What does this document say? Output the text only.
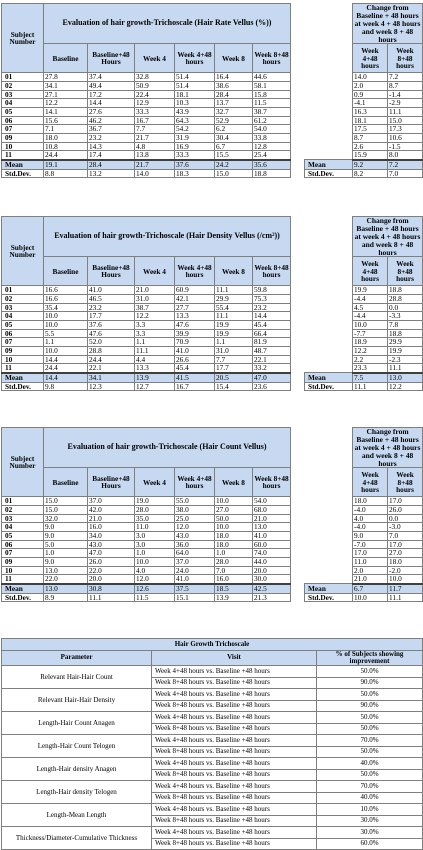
Subject Number	Evaluation of hair growth-Trichoscale (Hair Rate Vellus (%))								Change from Baseline + 48 hours at week 4 + 48 hours and week 8 + 48 hours	
	Baseline	Baseline+48 Hours	Week 4	Week 4+48 hours	Week 8	Week 8+48 hours			Week 4+48 hours	Week 8+48 hours
01	27.8	37.4	32.8	51.4	16.4	44.6			14.0	7.2
02	34.1	49.4	50.9	51.4	38.6	58.1			2.0	8.7
03	27.1	17.2	22.4	18.1	28.4	15.8			0.9	-1.4
04	12.2	14.4	12.9	10.3	13.7	11.5			-4.1	-2.9
05	14.1	27.6	33.3	43.9	32.7	38.7			16.3	11.1
06	15.6	46.2	16.7	64.3	52.9	61.2			18.1	15.0
07	7.1	36.7	7.7	54.2	6.2	54.0			17.5	17.3
09	18.0	23.2	21.7	31.9	30.4	33.8			8.7	10.6
10	10.8	14.3	4.8	16.9	6.7	12.8			2.6	-1.5
11	24.4	17.4	13.8	33.3	15.5	25.4			15.9	8.0
Mean	19.1	28.4	21.7	37.6	24.2	35.6		Mean	9.2	7.2
Std.Dev.	8.8	13.2	14.0	18.3	15.0	18.8		Std.Dev.	8.2	7.0
Subject Number	Evaluation of hair growth-Trichoscale (Hair Density Vellus (/cm²))								Change from Baseline + 48 hours at week 4 + 48 hours and week 8 + 48 hours	
	Baseline	Baseline+48 Hours	Week 4	Week 4+48 hours	Week 8	Week 8+48 hours			Week 4+48 hours	Week 8+48 hours
01	16.6	41.0	21.0	60.9	11.1	59.8			19.9	18.8
02	16.6	46.5	31.0	42.1	29.9	75.3			-4.4	28.8
03	35.4	23.2	38.7	27.7	55.4	23.2			4.5	0.0
04	10.0	17.7	12.2	13.3	11.1	14.4			-4.4	-3.3
05	10.0	37.6	3.3	47.6	19.9	45.4			10.0	7.8
06	5.5	47.6	3.3	39.9	19.9	66.4			-7.7	18.8
07	1.1	52.0	1.1	70.9	1.1	81.9			18.9	29.9
09	10.0	28.8	11.1	41.0	31.0	48.7			12.2	19.9
10	14.4	24.4	4.4	26.6	7.7	22.1			2.2	-2.3
11	24.4	22.1	13.3	45.4	17.7	33.2			23.3	11.1
Mean	14.4	34.1	13.9	41.5	20.5	47.0		Mean	7.5	13.0
Std.Dev.	9.8	12.3	12.7	16.7	15.4	23.6		Std.Dev.	11.1	12.2
Subject Number	Evaluation of hair growth-Trichoscale (Hair Count Vellus)								Change from Baseline + 48 hours at week 4 + 48 hours and week 8 + 48 hours	
	Baseline	Baseline+48 Hours	Week 4	Week 4+48 hours	Week 8	Week 8+48 hours			Week 4+48 hours	Week 8+48 hours
01	15.0	37.0	19.0	55.0	10.0	54.0			18.0	17.0
02	15.0	42.0	28.0	38.0	27.0	68.0			-4.0	26.0
03	32.0	21.0	35.0	25.0	50.0	21.0			4.0	0.0
04	9.0	16.0	11.0	12.0	10.0	13.0			-4.0	-3.0
05	9.0	34.0	3.0	43.0	18.0	41.0			9.0	7.0
06	5.0	43.0	3.0	36.0	18.0	60.0			-7.0	17.0
07	1.0	47.0	1.0	64.0	1.0	74.0			17.0	27.0
09	9.0	26.0	10.0	37.0	28.0	44.0			11.0	18.0
10	13.0	22.0	4.0	24.0	7.0	20.0			2.0	-2.0
11	22.0	20.0	12.0	41.0	16.0	30.0			21.0	10.0
Mean	13.0	30.8	12.6	37.5	18.5	42.5		Mean	6.7	11.7
Std.Dev.	8.9	11.1	11.5	15.1	13.9	21.3		Std.Dev.	10.0	11.1
Hair Growth Trichoscale		
Parameter	Visit	% of Subjects showing improvement
Relevant Hair-Hair Count	Week 4+48 hours vs. Baseline +48 hours	50.0%
	Week 8+48 hours vs. Baseline +48 hours	90.0%
Relevant Hair-Hair Density	Week 4+48 hours vs. Baseline +48 hours	50.0%
	Week 8+48 hours vs. Baseline +48 hours	90.0%
Length-Hair Count Anagen	Week 4+48 hours vs. Baseline +48 hours	50.0%
	Week 8+48 hours vs. Baseline +48 hours	50.0%
Length-Hair Count Telogen	Week 4+48 hours vs. Baseline +48 hours	70.0%
	Week 8+48 hours vs. Baseline +48 hours	50.0%
Length-Hair density Anagen	Week 4+48 hours vs. Baseline +48 hours	40.0%
	Week 8+48 hours vs. Baseline +48 hours	50.0%
Length-Hair density Telogen	Week 4+48 hours vs. Baseline +48 hours	70.0%
	Week 8+48 hours vs. Baseline +48 hours	40.0%
Length-Mean Length	Week 4+48 hours vs. Baseline +48 hours	10.0%
	Week 8+48 hours vs. Baseline +48 hours	30.0%
Thickness/Diameter-Cumulative Thickness	Week 4+48 hours vs. Baseline +48 hours	30.0%
	Week 8+48 hours vs. Baseline +48 hours	60.0%
